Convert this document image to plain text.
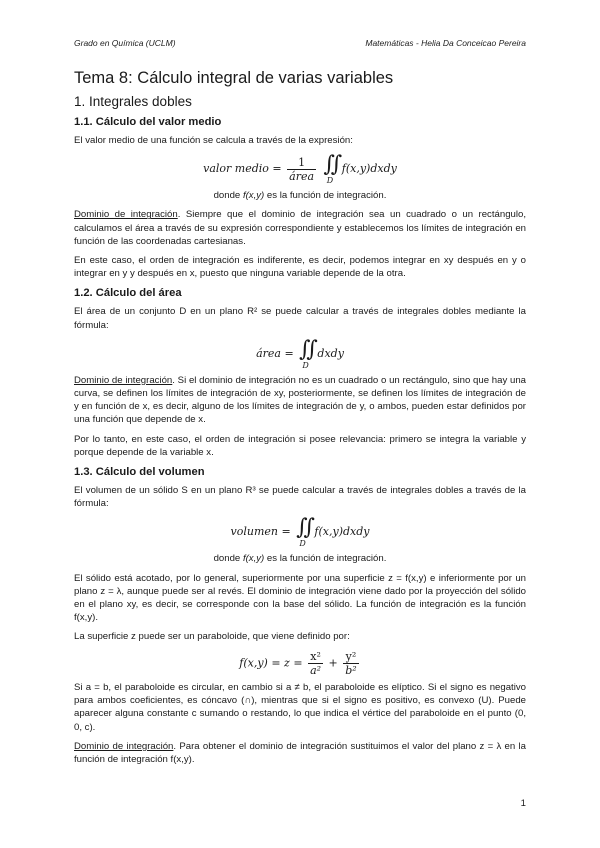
Grado en Química (UCLM)	Matemáticas - Helia Da Conceicao Pereira
Tema 8: Cálculo integral de varias variables
1. Integrales dobles
1.1. Cálculo del valor medio

El valor medio de una función se calcula a través de la expresión:

valor medio = $\frac{1}{\text{área}}$
∬
D
f(x,y)dxdy

donde f(x,y) es la función de integración.

Dominio de integración. Siempre que el dominio de integración sea un cuadrado o un rectángulo, calculamos el área a través de su expresión correspondiente y establecemos los límites de integración en función de las coordenadas cartesianas.

En este caso, el orden de integración es indiferente, es decir, podemos integrar en xy después en y o integrar en y y después en x, puesto que ninguna variable depende de la otra.

1.2. Cálculo del área

El área de un conjunto D en un plano R² se puede calcular a través de integrales dobles mediante la fórmula:

área = ∬
D
dxdy

Dominio de integración. Si el dominio de integración no es un cuadrado o un rectángulo, sino que hay una curva, se definen los límites de integración de xy, posteriormente, se definen los límites de integración de y en función de x, es decir, alguno de los límites de integración de y, o ambos, pueden estar definidos por una función que depende de x.

Por lo tanto, en este caso, el orden de integración si posee relevancia: primero se integra la variable y porque depende de la variable x.

1.3. Cálculo del volumen

El volumen de un sólido S en un plano R³ se puede calcular a través de integrales dobles a través de la fórmula:

volumen = ∬
D
f(x,y)dxdy

donde f(x,y) es la función de integración.

El sólido está acotado, por lo general, superiormente por una superficie z = f(x,y) e inferiormente por un plano z = λ, aunque puede ser al revés. El dominio de integración viene dado por la proyección del sólido en el plano xy, es decir, se corresponde con la base del sólido. La función de integración es la función f(x,y).

La superficie z puede ser un paraboloide, que viene definido por:

$f(x,y) = z = \frac{\text{x²}}{\text{a²}} + \frac{\text{y²}}{\text{b²}}$

Si a = b, el paraboloide es circular, en cambio si a ≠ b, el paraboloide es elíptico. Si el signo es negativo para ambos coeficientes, es cóncavo (∩), mientras que si el signo es positivo, es convexo (U). Puede aparecer alguna constante c sumando o restando, lo que indica el vértice del paraboloide en el punto (0, 0, c).

Dominio de integración. Para obtener el dominio de integración sustituimos el valor del plano z = λ en la función de integración f(x,y).

1
